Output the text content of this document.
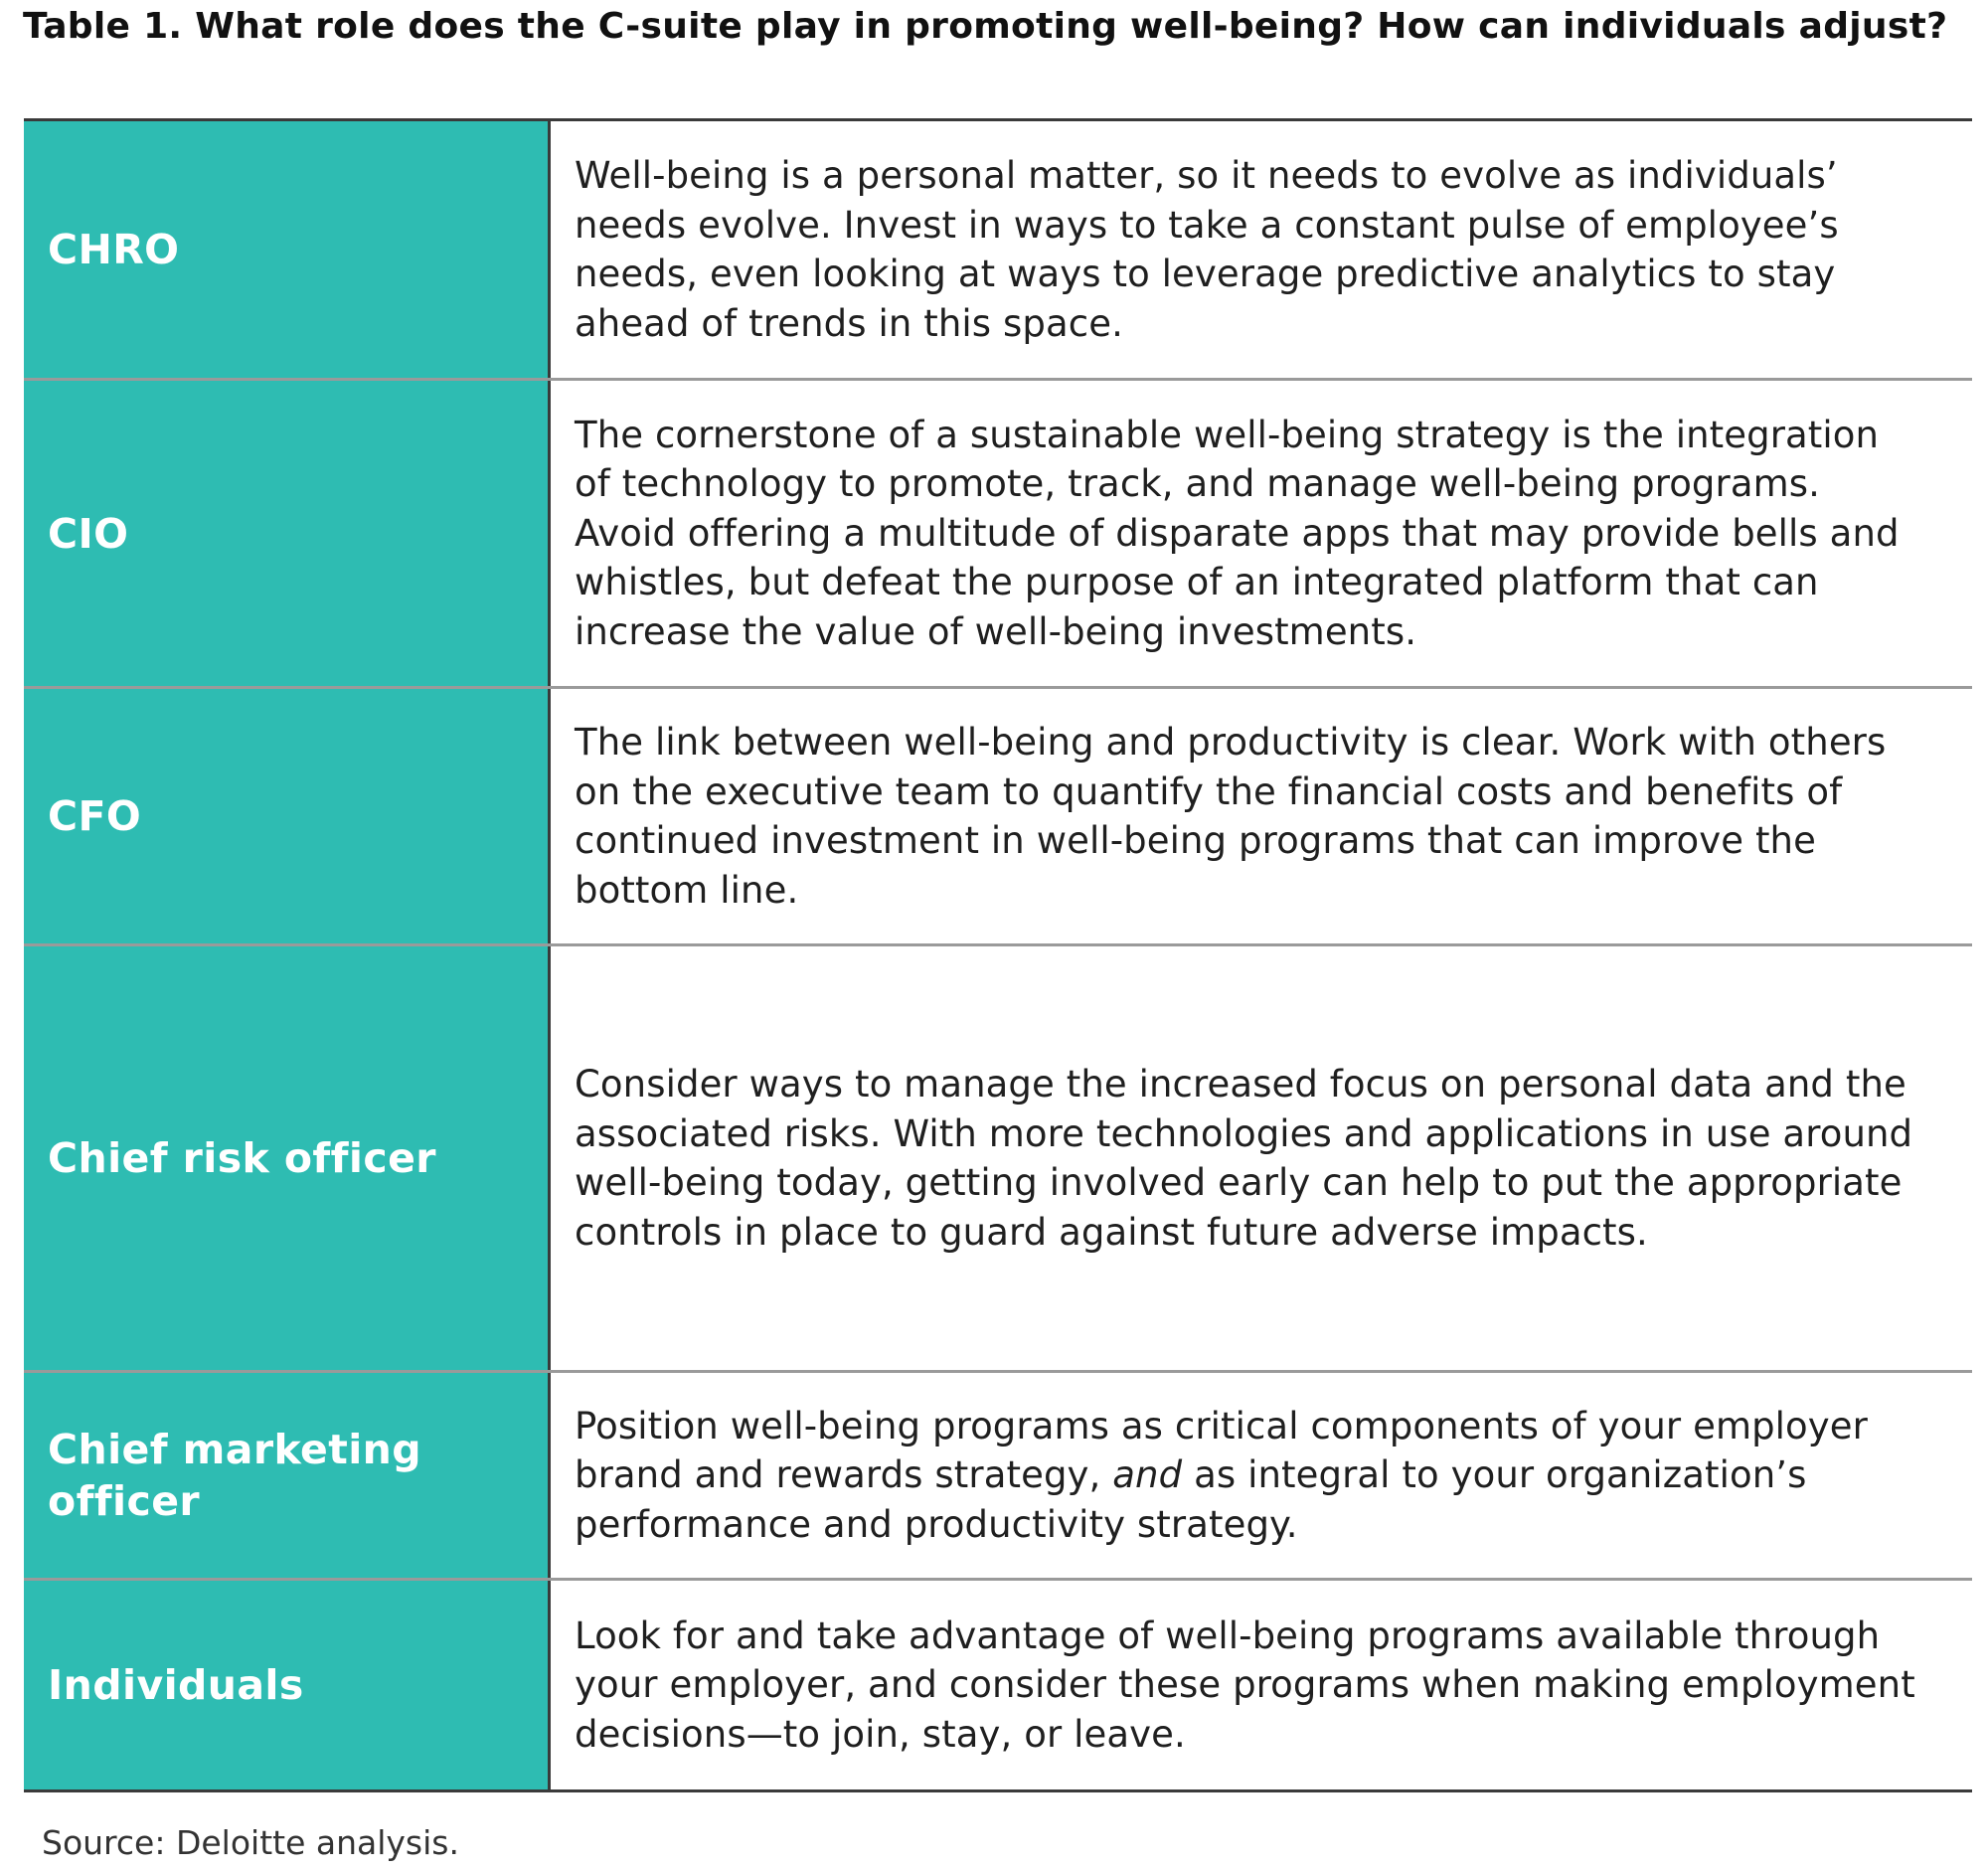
Table 1. What role does the C-suite play in promoting well-being? How can individuals adjust?
CHRO
Well-being is a personal matter, so it needs to evolve as individuals’
needs evolve. Invest in ways to take a constant pulse of employee’s
needs, even looking at ways to leverage predictive analytics to stay
ahead of trends in this space.
CIO
The cornerstone of a sustainable well-being strategy is the integration
of technology to promote, track, and manage well-being programs.
Avoid offering a multitude of disparate apps that may provide bells and
whistles, but defeat the purpose of an integrated platform that can
increase the value of well-being investments.
CFO
The link between well-being and productivity is clear. Work with others
on the executive team to quantify the financial costs and benefits of
continued investment in well-being programs that can improve the
bottom line.
Chief risk officer
Consider ways to manage the increased focus on personal data and the
associated risks. With more technologies and applications in use around
well-being today, getting involved early can help to put the appropriate
controls in place to guard against future adverse impacts.
Chief marketing
officer
Position well-being programs as critical components of your employer
brand and rewards strategy, and as integral to your organization’s
performance and productivity strategy.
Individuals
Look for and take advantage of well-being programs available through
your employer, and consider these programs when making employment
decisions—to join, stay, or leave.
Source: Deloitte analysis.
